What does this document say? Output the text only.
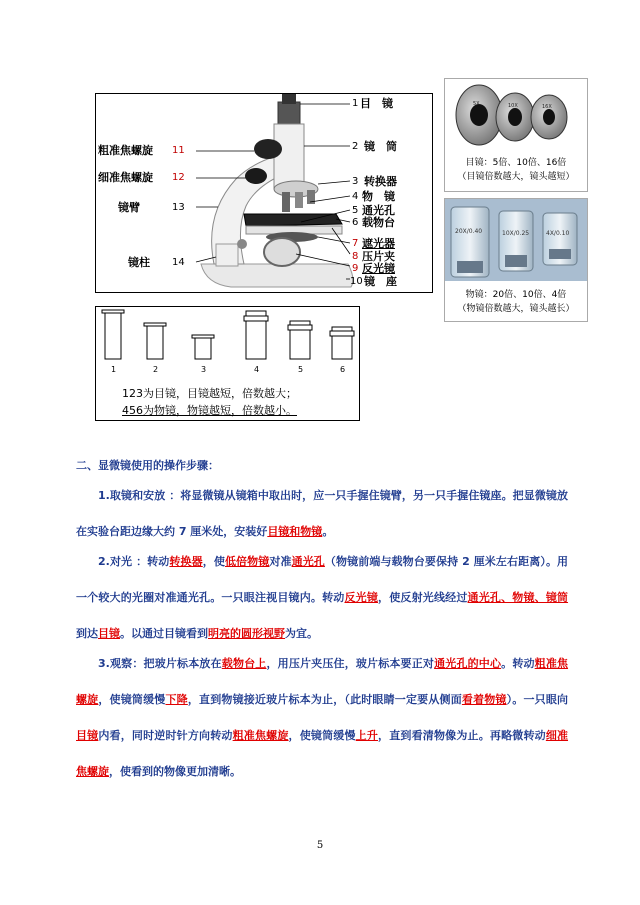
粗准焦螺旋 11
细准焦螺旋 12
镜臂	13
镜柱 14
1 目　镜
2 镜　筒
3 转换器
4 物　镜
5 通光孔
6 载物台
7 遮光器
8 压片夹
9 反光镜
10 镜　座
5X	10X	16X
目镜：5倍、10倍、16倍
（目镜倍数越大，镜头越短）
20X/0.40	10X/0.25	4X/0.10
物镜：20倍、10倍、4倍
（物镜倍数越大，镜头越长）
1	2	3	4	5	6
123为目镜，目镜越短，倍数越大；
456为物镜，物镜越短，倍数越小。
二、显微镜使用的操作步骤：
1.取镜和安放 ：将显微镜从镜箱中取出时，应一只手握住镜臂，另一只手握住镜座。把显微镜放在实验台距边缘大约 7 厘米处，安装好目镜和物镜。
2.对光 ：转动转换器，使低倍物镜对准通光孔（物镜前端与载物台要保持 2 厘米左右距离）。用一个较大的光圈对准通光孔。一只眼注视目镜内。转动反光镜，使反射光线经过通光孔、物镜、镜筒到达目镜。以通过目镜看到明亮的圆形视野为宜。
3.观察：把玻片标本放在载物台上，用压片夹压住，玻片标本要正对通光孔的中心。转动粗准焦螺旋，使镜筒缓慢下降，直到物镜接近玻片标本为止，（此时眼睛一定要从侧面看着物镜）。一只眼向目镜内看，同时逆时针方向转动粗准焦螺旋，使镜筒缓慢上升，直到看清物像为止。再略微转动细准焦螺旋，使看到的物像更加清晰。
5
